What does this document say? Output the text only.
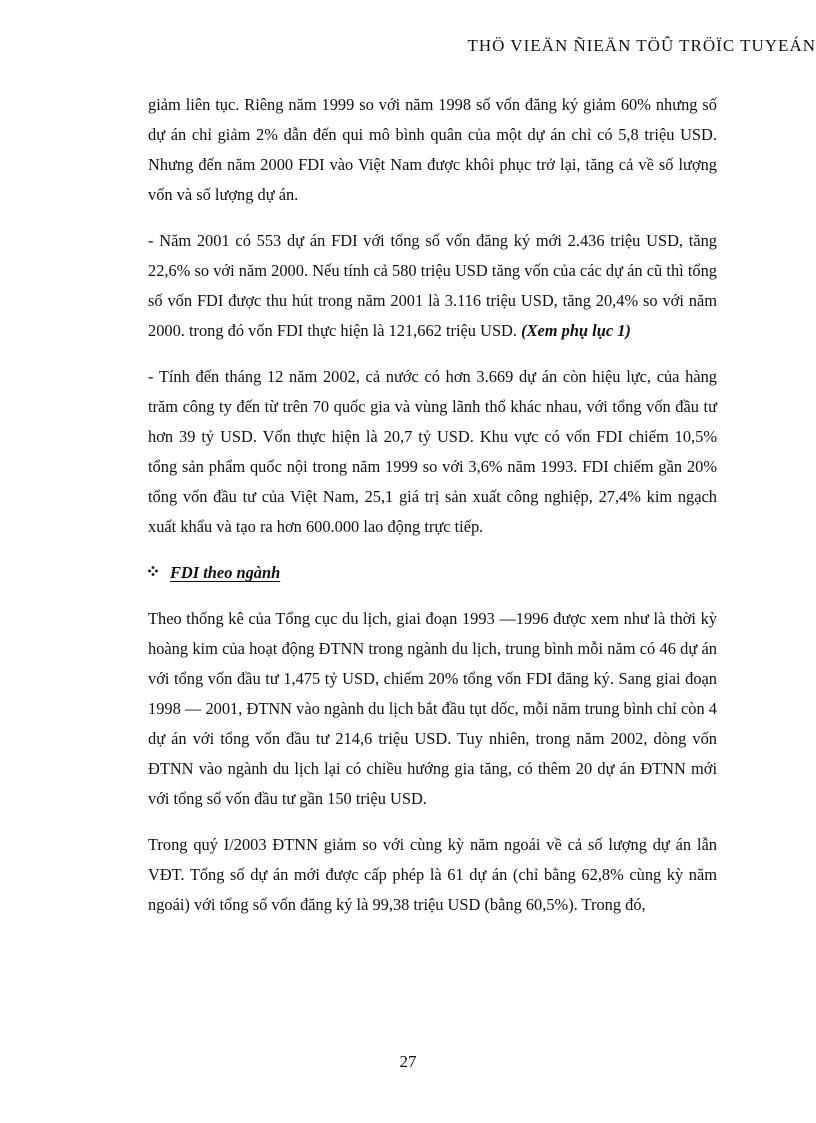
THÖ VIEÄN ÑIEÄN TÖÛ TRÖÏC TUYEÁN

giảm liên tục. Riêng năm 1999 so với năm 1998 số vốn đăng ký giảm 60% nhưng số dự án chỉ giảm 2% dẫn đến qui mô bình quân của một dự án chỉ có 5,8 triệu USD. Nhưng đến năm 2000 FDI vào Việt Nam được khôi phục trở lại, tăng cả về số lượng vốn và số lượng dự án.

- Năm 2001 có 553 dự án FDI với tổng số vốn đăng ký mới 2.436 triệu USD, tăng 22,6% so với năm 2000. Nếu tính cả 580 triệu USD tăng vốn của các dự án cũ thì tổng số vốn FDI được thu hút trong năm 2001 là 3.116 triệu USD, tăng 20,4% so với năm 2000. trong đó vốn FDI thực hiện là 121,662 triệu USD. (Xem phụ lục 1)

- Tính đến tháng 12 năm 2002, cả nước có hơn 3.669 dự án còn hiệu lực, của hàng trăm công ty đến từ trên 70 quốc gia và vùng lãnh thổ khác nhau, với tổng vốn đầu tư hơn 39 tỷ USD. Vốn thực hiện là 20,7 tỷ USD. Khu vực có vốn FDI chiếm 10,5% tổng sản phẩm quốc nội trong năm 1999 so với 3,6% năm 1993. FDI chiếm gần 20% tổng vốn đầu tư của Việt Nam, 25,1 giá trị sản xuất công nghiệp, 27,4% kim ngạch xuất khẩu và tạo ra hơn 600.000 lao động trực tiếp.

FDI theo ngành

Theo thống kê của Tổng cục du lịch, giai đoạn 1993 —1996 được xem như là thời kỳ hoàng kim của hoạt động ĐTNN trong ngành du lịch, trung bình mỗi năm có 46 dự án với tổng vốn đầu tư 1,475 tỷ USD, chiếm 20% tổng vốn FDI đăng ký. Sang giai đoạn 1998 — 2001, ĐTNN vào ngành du lịch bắt đầu tụt dốc, mỗi năm trung bình chỉ còn 4 dự án với tổng vốn đầu tư 214,6 triệu USD. Tuy nhiên, trong năm 2002, dòng vốn ĐTNN vào ngành du lịch lại có chiều hướng gia tăng, có thêm 20 dự án ĐTNN mới với tổng số vốn đầu tư gần 150 triệu USD.

Trong quý I/2003 ĐTNN giảm so với cùng kỳ năm ngoái về cả số lượng dự án lẫn VĐT. Tổng số dự án mới được cấp phép là 61 dự án (chỉ bằng 62,8% cùng kỳ năm ngoái) với tổng số vốn đăng ký là 99,38 triệu USD (bằng 60,5%). Trong đó,

27
